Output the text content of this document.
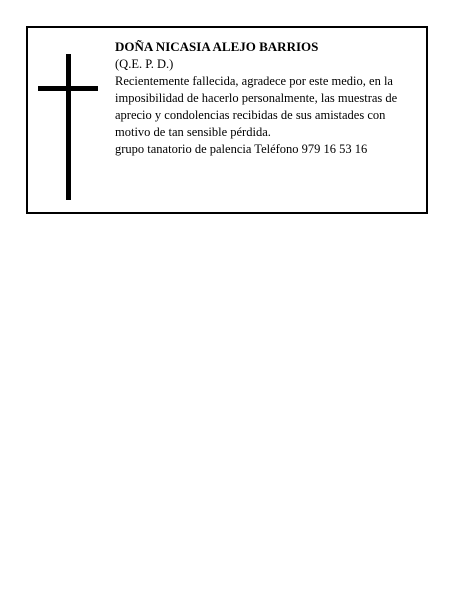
DOÑA NICASIA ALEJO BARRIOS
(Q.E. P. D.)
Recientemente fallecida, agradece por este medio, en la imposibilidad de hacerlo personalmente, las muestras de aprecio y condolencias recibidas de sus amistades con motivo de tan sensible pérdida.
grupo tanatorio de palencia Teléfono 979 16 53 16
